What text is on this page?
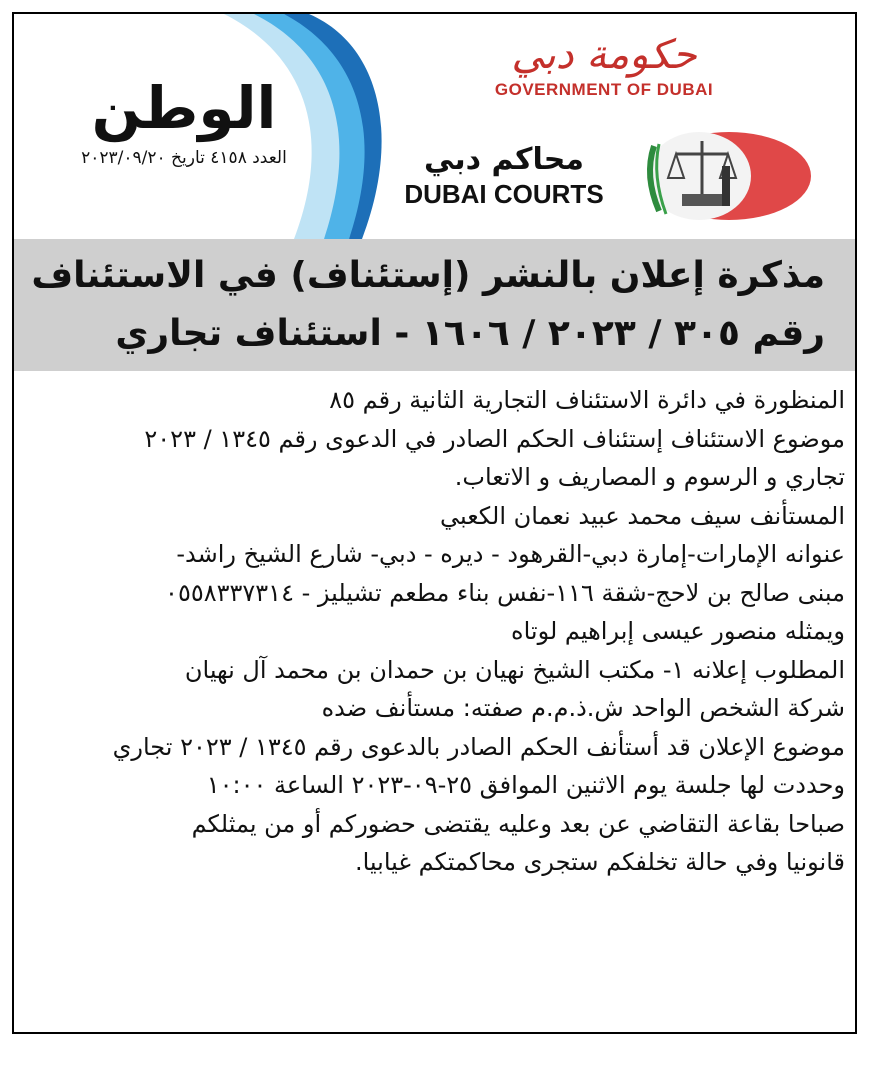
الوطن
العدد ٤١٥٨ تاريخ ٢٠٢٣/٠٩/٢٠
حكومة دبي
GOVERNMENT OF DUBAI
محاكم دبي
DUBAI COURTS
مذكرة إعلان بالنشر (إستئناف) في الاستئناف
رقم ٣٠٥ / ٢٠٢٣ / ١٦٠٦ - استئناف تجاري
المنظورة في دائرة الاستئناف التجارية الثانية رقم ٨٥
موضوع الاستئناف إستئناف الحكم الصادر في الدعوى رقم ١٣٤٥ / ٢٠٢٣
تجاري و الرسوم و المصاريف و الاتعاب.
المستأنف سيف محمد عبيد نعمان الكعبي
عنوانه الإمارات-إمارة دبي-القرهود - ديره - دبي- شارع الشيخ راشد-
مبنى صالح بن لاحج-شقة ١١٦-نفس بناء مطعم تشيليز - ٠٥٥٨٣٣٧٣١٤
ويمثله منصور عيسى إبراهيم لوتاه
المطلوب إعلانه ١- مكتب الشيخ نهيان بن حمدان بن محمد آل نهيان
شركة الشخص الواحد ش.ذ.م.م صفته: مستأنف ضده
موضوع الإعلان قد أستأنف الحكم الصادر بالدعوى رقم ١٣٤٥ / ٢٠٢٣ تجاري
وحددت لها جلسة يوم الاثنين الموافق ٢٥-٠٩-٢٠٢٣ الساعة ١٠:٠٠
صباحا بقاعة التقاضي عن بعد وعليه يقتضى حضوركم أو من يمثلكم
قانونيا وفي حالة تخلفكم ستجرى محاكمتكم غيابيا.
